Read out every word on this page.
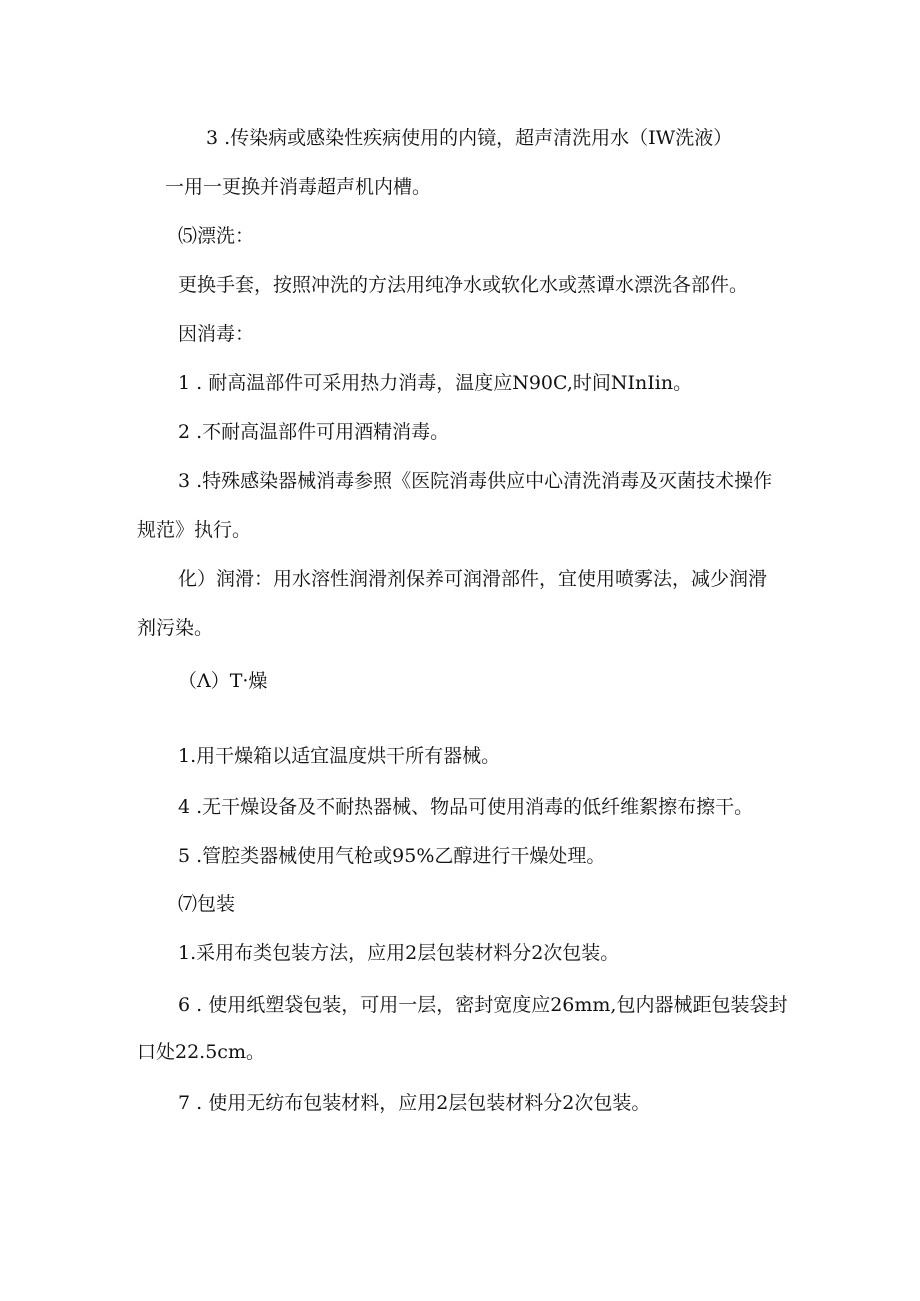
3 .传染病或感染性疾病使用的内镜，超声清洗用水（IW洗液）
一用一更换并消毒超声机内槽。
⑸漂洗：
更换手套，按照冲洗的方法用纯净水或软化水或蒸谭水漂洗各部件。
因消毒：
1 . 耐高温部件可采用热力消毒，温度应N90C,时间NInIin。
2 .不耐高温部件可用酒精消毒。
3 .特殊感染器械消毒参照《医院消毒供应中心清洗消毒及灭菌技术操作
规范》执行。
化）润滑：用水溶性润滑剂保养可润滑部件，宜使用喷雾法，减少润滑
剂污染。
（Λ）T·燥
1.用干燥箱以适宜温度烘干所有器械。
4 .无干燥设备及不耐热器械、物品可使用消毒的低纤维絮擦布擦干。
5 .管腔类器械使用气枪或95%乙醇进行干燥处理。
⑺包装
1.采用布类包装方法，应用2层包装材料分2次包装。
6 . 使用纸塑袋包装，可用一层，密封宽度应26mm,包内器械距包装袋封
口处22.5cm。
7 . 使用无纺布包装材料，应用2层包装材料分2次包装。
